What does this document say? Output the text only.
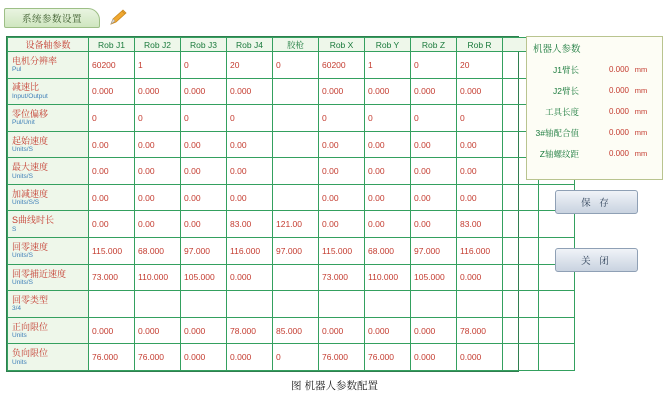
系统参数设置
设备轴参数	Rob J1	Rob J2	Rob J3	Rob J4	胶枪	Rob X	Rob Y	Rob Z	Rob R			

电机分辨率
Pul	60200	1	0	20	0	60200	1	0	20			

减速比
Input/Output	0.000	0.000	0.000	0.000		0.000	0.000	0.000	0.000			

零位偏移
Pul/Unit	0	0	0	0		0	0	0	0			

起始速度
Units/S	0.00	0.00	0.00	0.00		0.00	0.00	0.00	0.00			

最大速度
Units/S	0.00	0.00	0.00	0.00		0.00	0.00	0.00	0.00			

加减速度
Units/S/S	0.00	0.00	0.00	0.00		0.00	0.00	0.00	0.00			

S曲线时长
S	0.00	0.00	0.00	83.00	121.00	0.00	0.00	0.00	83.00			

回零速度
Units/S	115.000	68.000	97.000	116.000	97.000	115.000	68.000	97.000	116.000			

回零捕近速度
Units/S	73.000	110.000	105.000	0.000		73.000	110.000	105.000	0.000			

回零类型
3/4												

正向限位
Units	0.000	0.000	0.000	78.000	85.000	0.000	0.000	0.000	78.000			

负向限位
Units	76.000	76.000	0.000	0.000	0	76.000	76.000	0.000	0.000			
机器人参数
J1臂长	0.000 mm
J2臂长	0.000 mm
工具长度	0.000 mm
3#轴配合值	0.000 mm
Z轴螺纹距	0.000 mm
保 存
关 闭
图 机器人参数配置
